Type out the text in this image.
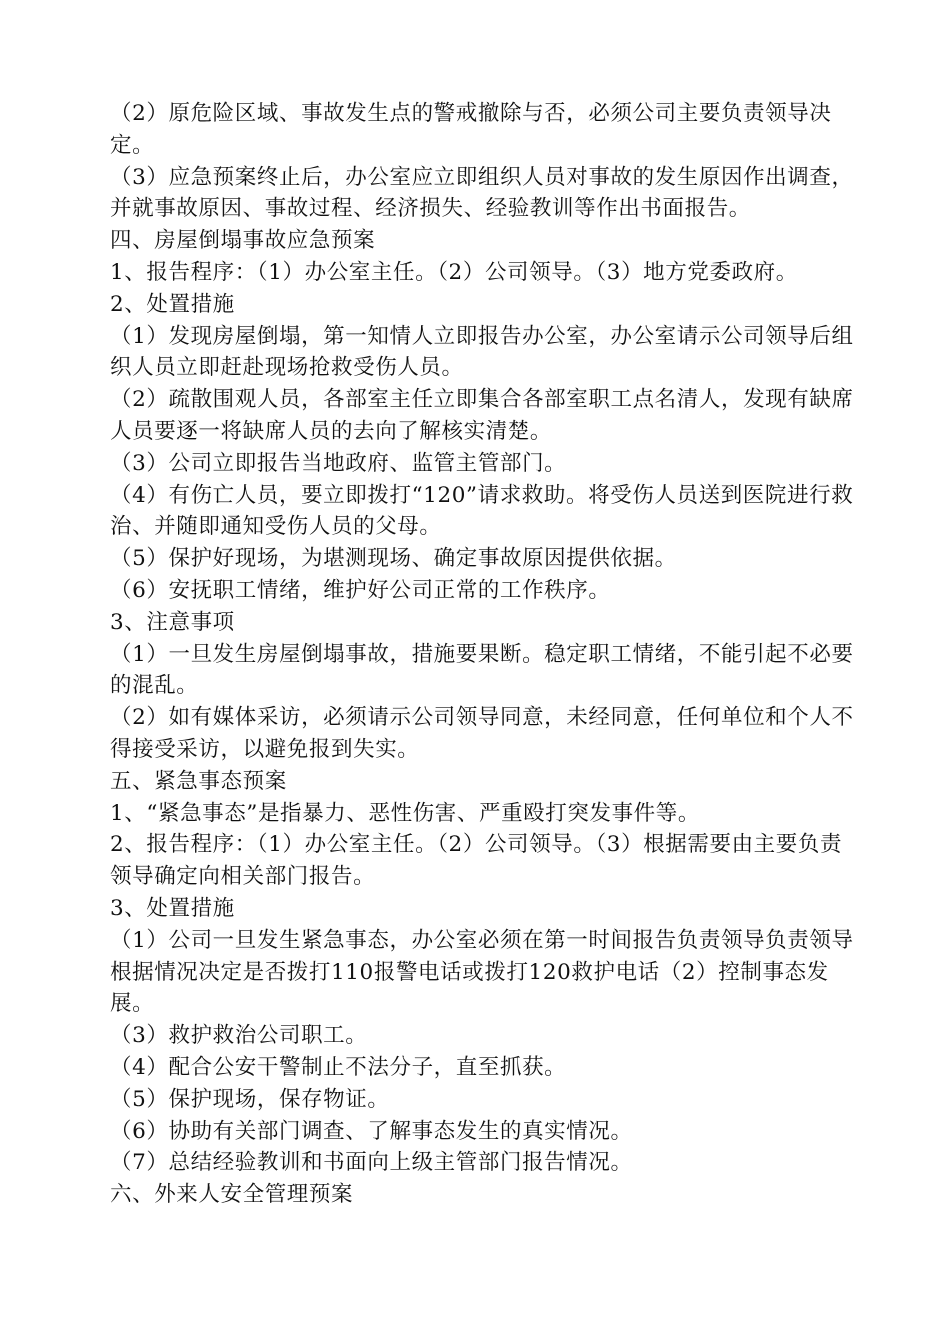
（2）原危险区域、事故发生点的警戒撤除与否，必须公司主要负责领导决定。

（3）应急预案终止后，办公室应立即组织人员对事故的发生原因作出调查，并就事故原因、事故过程、经济损失、经验教训等作出书面报告。

四、房屋倒塌事故应急预案

1、报告程序：（1）办公室主任。（2）公司领导。（3）地方党委政府。

2、处置措施

（1）发现房屋倒塌，第一知情人立即报告办公室，办公室请示公司领导后组织人员立即赶赴现场抢救受伤人员。

（2）疏散围观人员，各部室主任立即集合各部室职工点名清人，发现有缺席人员要逐一将缺席人员的去向了解核实清楚。

（3）公司立即报告当地政府、监管主管部门。

（4）有伤亡人员，要立即拨打“120”请求救助。将受伤人员送到医院进行救治、并随即通知受伤人员的父母。

（5）保护好现场，为堪测现场、确定事故原因提供依据。

（6）安抚职工情绪，维护好公司正常的工作秩序。

3、注意事项

（1）一旦发生房屋倒塌事故，措施要果断。稳定职工情绪，不能引起不必要的混乱。

（2）如有媒体采访，必须请示公司领导同意，未经同意，任何单位和个人不得接受采访，以避免报到失实。

五、紧急事态预案

1、“紧急事态”是指暴力、恶性伤害、严重殴打突发事件等。

2、报告程序：（1）办公室主任。（2）公司领导。（3）根据需要由主要负责领导确定向相关部门报告。

3、处置措施

（1）公司一旦发生紧急事态，办公室必须在第一时间报告负责领导负责领导根据情况决定是否拨打110报警电话或拨打120救护电话（2）控制事态发展。

（3）救护救治公司职工。

（4）配合公安干警制止不法分子，直至抓获。

（5）保护现场，保存物证。

（6）协助有关部门调查、了解事态发生的真实情况。

（7）总结经验教训和书面向上级主管部门报告情况。

六、外来人安全管理预案
